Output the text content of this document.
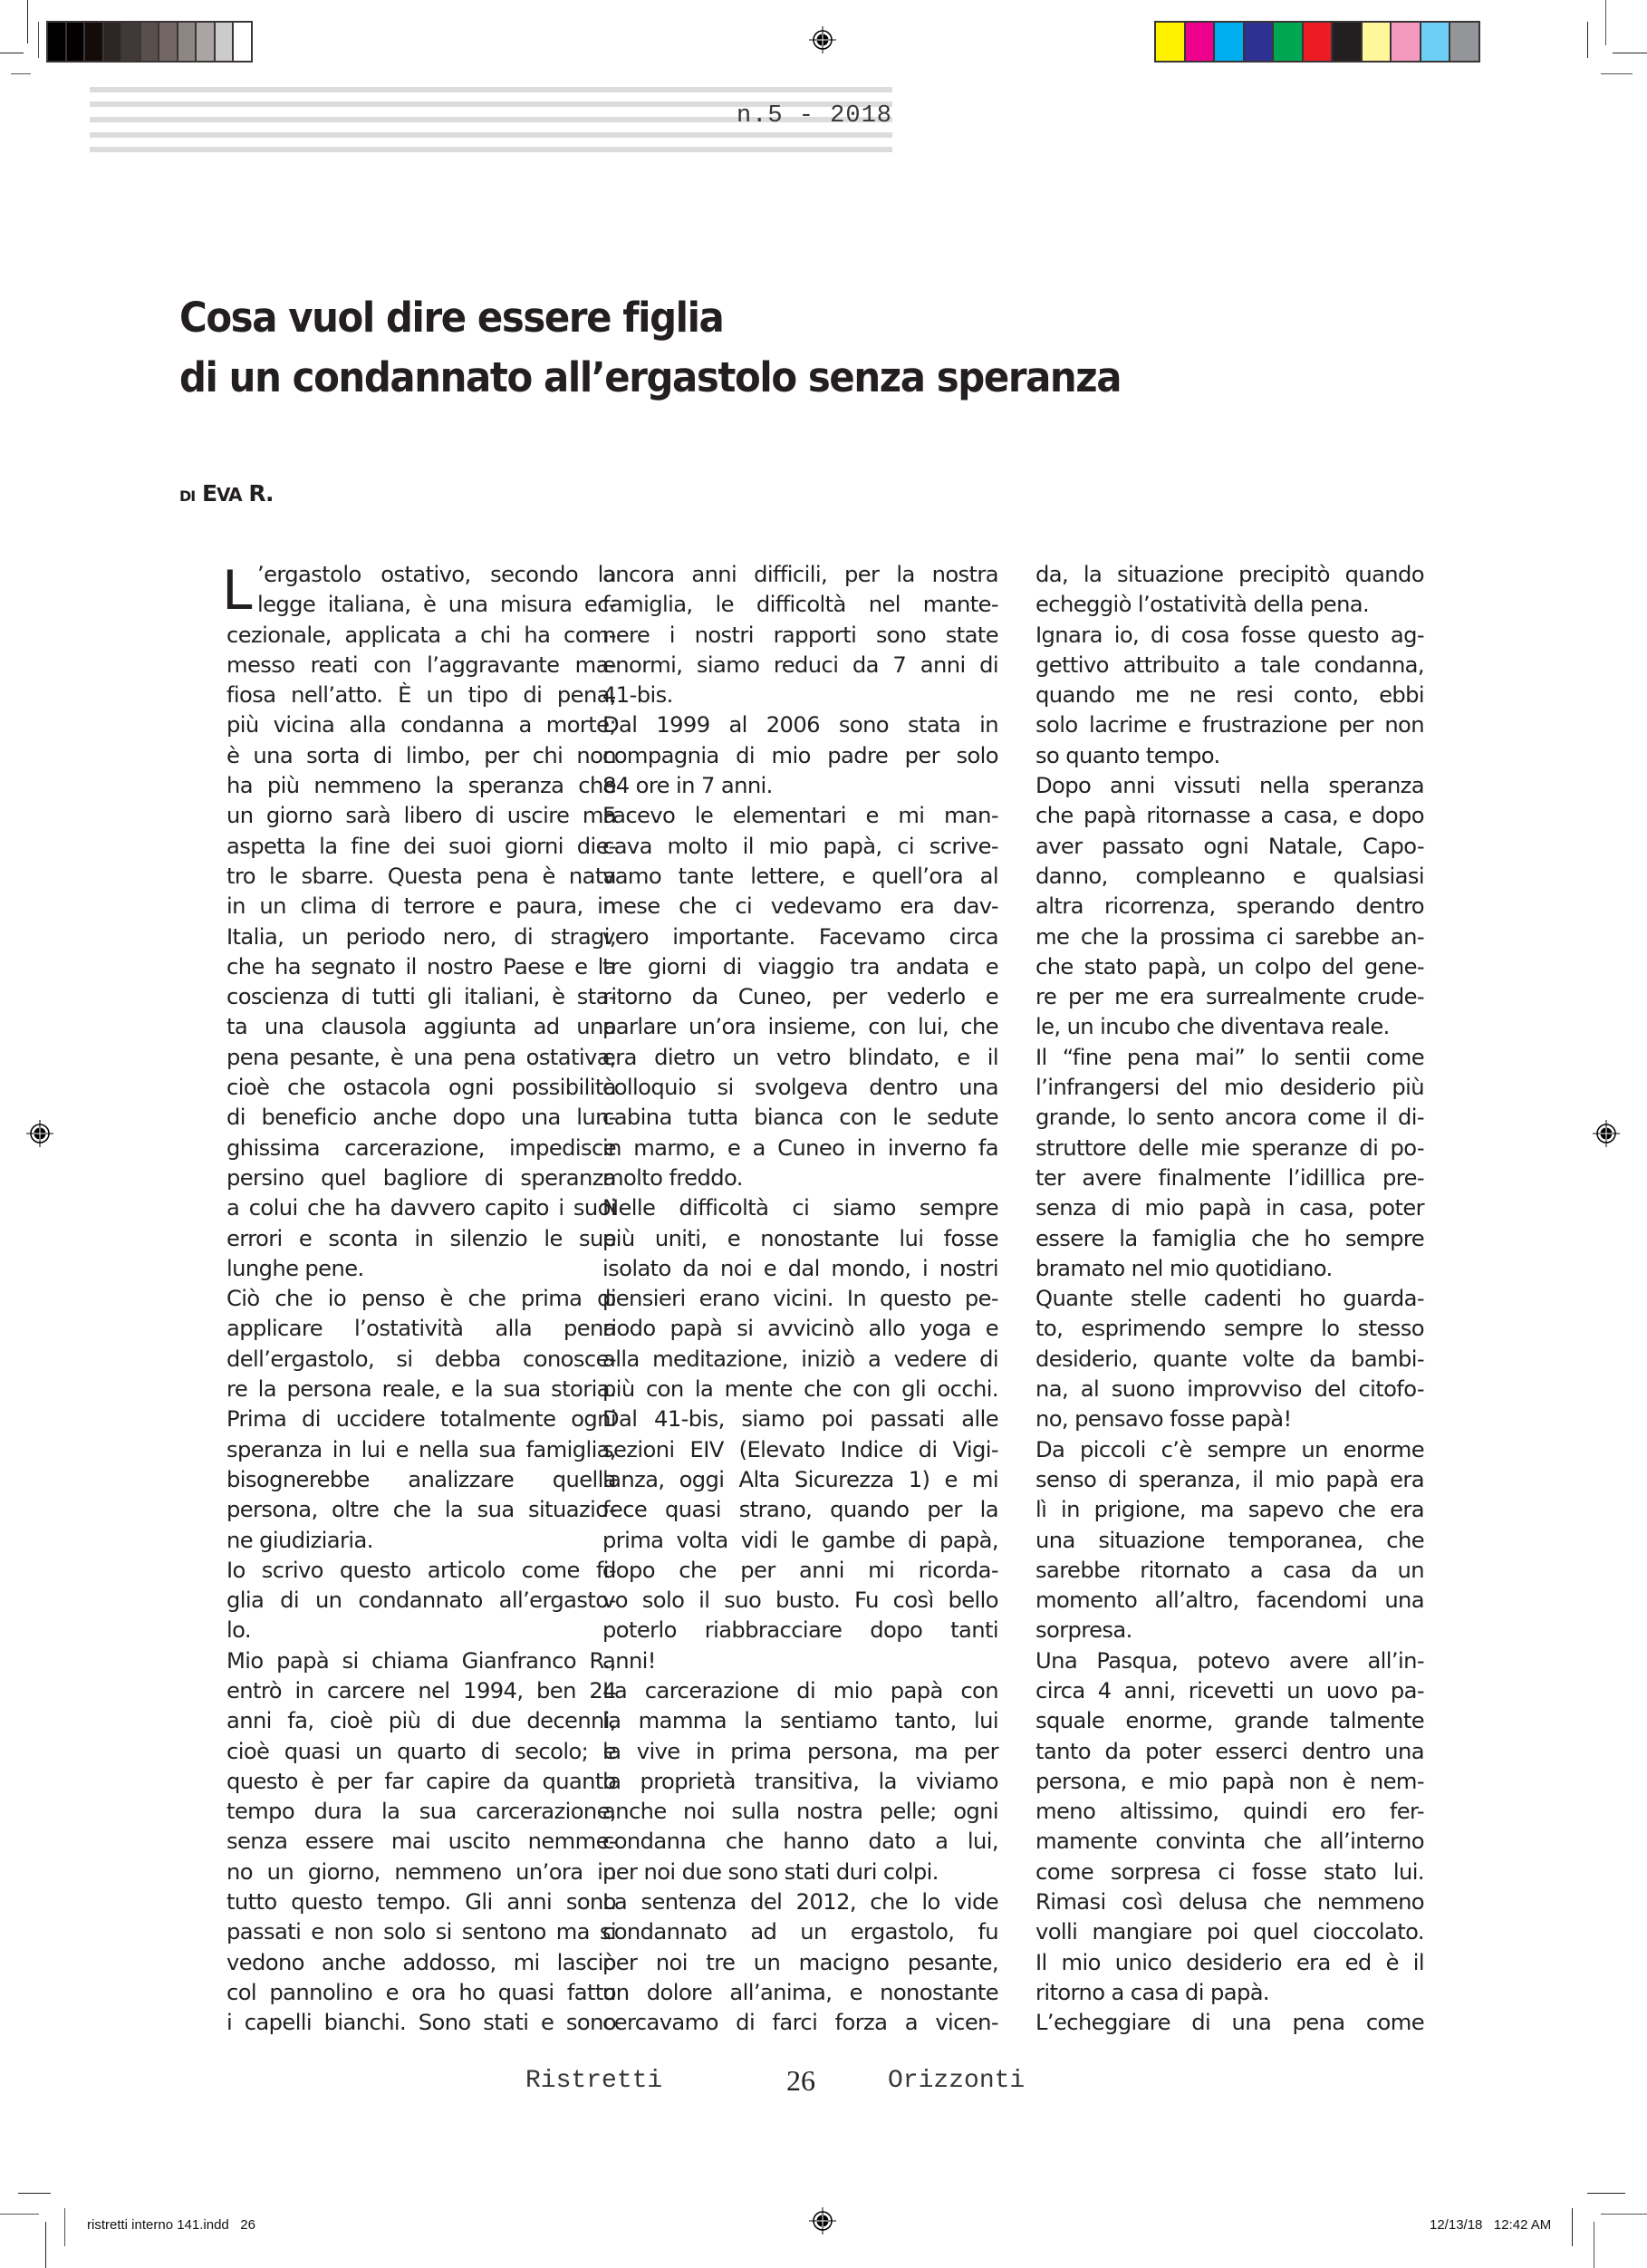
n.5 - 2018
Cosa vuol dire essere figlia
di un condannato all’ergastolo senza speranza
DI EVA R.
L ’ergastolo ostativo, secondo la
legge italiana, è una misura ec-
cezionale, applicata a chi ha com-
messo reati con l’aggravante ma-
fiosa nell’atto. È un tipo di pena,
più vicina alla condanna a morte;
è una sorta di limbo, per chi non
ha più nemmeno la speranza che
un giorno sarà libero di uscire ma
aspetta la fine dei suoi giorni die-
tro le sbarre. Questa pena è nata
in un clima di terrore e paura, in
Italia, un periodo nero, di stragi,
che ha segnato il nostro Paese e la
coscienza di tutti gli italiani, è sta-
ta una clausola aggiunta ad una
pena pesante, è una pena ostativa,
cioè che ostacola ogni possibilità
di beneficio anche dopo una lun-
ghissima carcerazione, impedisce
persino quel bagliore di speranza
a colui che ha davvero capito i suoi
errori e sconta in silenzio le sue
lunghe pene.
Ciò che io penso è che prima di
applicare l’ostatività alla pena
dell’ergastolo, si debba conosce-
re la persona reale, e la sua storia.
Prima di uccidere totalmente ogni
speranza in lui e nella sua famiglia,
bisognerebbe analizzare quella
persona, oltre che la sua situazio-
ne giudiziaria.
Io scrivo questo articolo come fi-
glia di un condannato all’ergasto-
lo.
Mio papà si chiama Gianfranco R.,
entrò in carcere nel 1994, ben 24
anni fa, cioè più di due decenni,
cioè quasi un quarto di secolo; e
questo è per far capire da quanto
tempo dura la sua carcerazione,
senza essere mai uscito nemme-
no un giorno, nemmeno un’ora in
tutto questo tempo. Gli anni sono
passati e non solo si sentono ma si
vedono anche addosso, mi lasciò
col pannolino e ora ho quasi fatto
i capelli bianchi. Sono stati e sono
ancora anni difficili, per la nostra
famiglia, le difficoltà nel mante-
nere i nostri rapporti sono state
enormi, siamo reduci da 7 anni di
41-bis.
Dal 1999 al 2006 sono stata in
compagnia di mio padre per solo
84 ore in 7 anni.
Facevo le elementari e mi man-
cava molto il mio papà, ci scrive-
vamo tante lettere, e quell’ora al
mese che ci vedevamo era dav-
vero importante. Facevamo circa
tre giorni di viaggio tra andata e
ritorno da Cuneo, per vederlo e
parlare un’ora insieme, con lui, che
era dietro un vetro blindato, e il
colloquio si svolgeva dentro una
cabina tutta bianca con le sedute
in marmo, e a Cuneo in inverno fa
molto freddo.
Nelle difficoltà ci siamo sempre
più uniti, e nonostante lui fosse
isolato da noi e dal mondo, i nostri
pensieri erano vicini. In questo pe-
riodo papà si avvicinò allo yoga e
alla meditazione, iniziò a vedere di
più con la mente che con gli occhi.
Dal 41-bis, siamo poi passati alle
sezioni EIV (Elevato Indice di Vigi-
lanza, oggi Alta Sicurezza 1) e mi
fece quasi strano, quando per la
prima volta vidi le gambe di papà,
dopo che per anni mi ricorda-
vo solo il suo busto. Fu così bello
poterlo riabbracciare dopo tanti
anni!
La carcerazione di mio papà con
la mamma la sentiamo tanto, lui
la vive in prima persona, ma per
la proprietà transitiva, la viviamo
anche noi sulla nostra pelle; ogni
condanna che hanno dato a lui,
per noi due sono stati duri colpi.
La sentenza del 2012, che lo vide
condannato ad un ergastolo, fu
per noi tre un macigno pesante,
un dolore all’anima, e nonostante
cercavamo di farci forza a vicen-
da, la situazione precipitò quando
echeggiò l’ostatività della pena.
Ignara io, di cosa fosse questo ag-
gettivo attribuito a tale condanna,
quando me ne resi conto, ebbi
solo lacrime e frustrazione per non
so quanto tempo.
Dopo anni vissuti nella speranza
che papà ritornasse a casa, e dopo
aver passato ogni Natale, Capo-
danno, compleanno e qualsiasi
altra ricorrenza, sperando dentro
me che la prossima ci sarebbe an-
che stato papà, un colpo del gene-
re per me era surrealmente crude-
le, un incubo che diventava reale.
Il “fine pena mai” lo sentii come
l’infrangersi del mio desiderio più
grande, lo sento ancora come il di-
struttore delle mie speranze di po-
ter avere finalmente l’idillica pre-
senza di mio papà in casa, poter
essere la famiglia che ho sempre
bramato nel mio quotidiano.
Quante stelle cadenti ho guarda-
to, esprimendo sempre lo stesso
desiderio, quante volte da bambi-
na, al suono improvviso del citofo-
no, pensavo fosse papà!
Da piccoli c’è sempre un enorme
senso di speranza, il mio papà era
lì in prigione, ma sapevo che era
una situazione temporanea, che
sarebbe ritornato a casa da un
momento all’altro, facendomi una
sorpresa.
Una Pasqua, potevo avere all’in-
circa 4 anni, ricevetti un uovo pa-
squale enorme, grande talmente
tanto da poter esserci dentro una
persona, e mio papà non è nem-
meno altissimo, quindi ero fer-
mamente convinta che all’interno
come sorpresa ci fosse stato lui.
Rimasi così delusa che nemmeno
volli mangiare poi quel cioccolato.
Il mio unico desiderio era ed è il
ritorno a casa di papà.
L’echeggiare di una pena come
Ristretti	26	Orizzonti
ristretti interno 141.indd   26	12/13/18   12:42 AM
